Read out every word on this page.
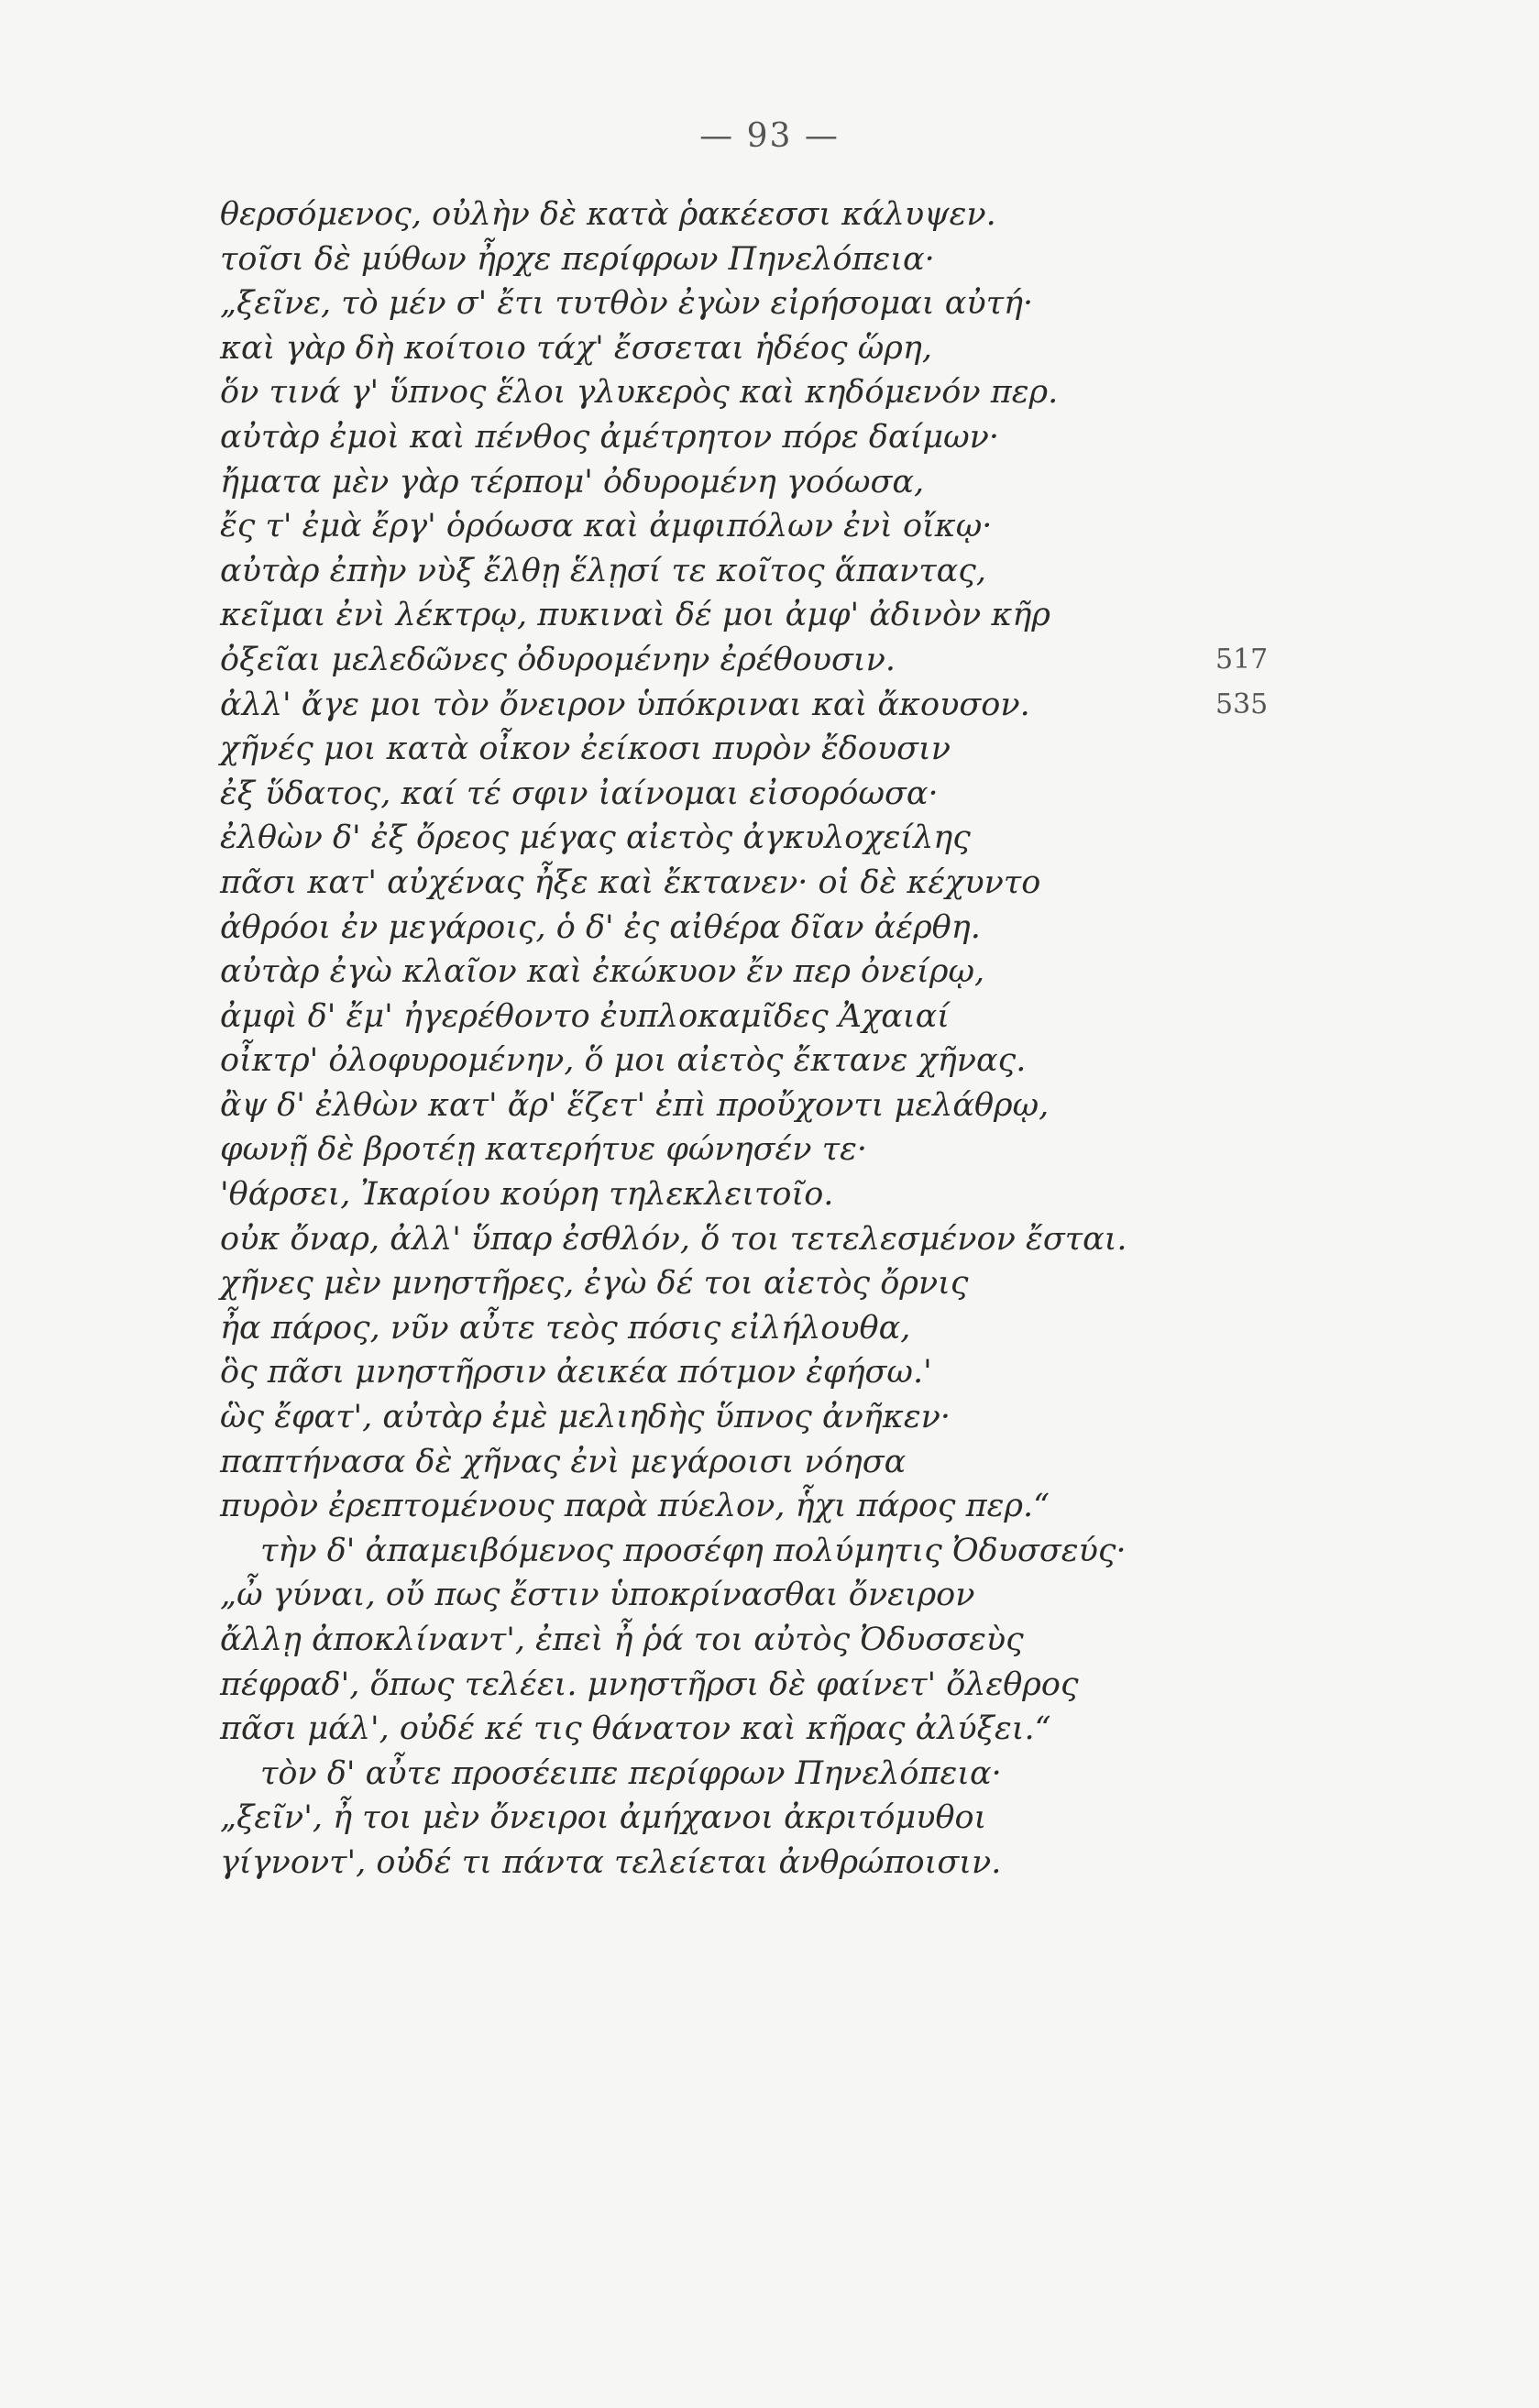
— 93 —
θερσόμενος, οὐλὴν δὲ κατὰ ῥακέεσσι κάλυψεν.
τοῖσι δὲ μύθων ἦρχε περίφρων Πηνελόπεια·
„ξεῖνε, τὸ μέν σ' ἔτι τυτθὸν ἐγὼν εἰρήσομαι αὐτή·
καὶ γὰρ δὴ κοίτοιο τάχ' ἔσσεται ἡδέος ὥρη,
ὅν τινά γ' ὕπνος ἕλοι γλυκερὸς καὶ κηδόμενόν περ.
αὐτὰρ ἐμοὶ καὶ πένθος ἀμέτρητον πόρε δαίμων·
ἤματα μὲν γὰρ τέρπομ' ὀδυρομένη γοόωσα,
ἔς τ' ἐμὰ ἔργ' ὁρόωσα καὶ ἀμφιπόλων ἐνὶ οἴκῳ·
αὐτὰρ ἐπὴν νὺξ ἔλθῃ ἕλῃσί τε κοῖτος ἅπαντας,
κεῖμαι ἐνὶ λέκτρῳ, πυκιναὶ δέ μοι ἀμφ' ἀδινὸν κῆρ
ὀξεῖαι μελεδῶνες ὀδυρομένην ἐρέθουσιν.	517
ἀλλ' ἄγε μοι τὸν ὄνειρον ὑπόκριναι καὶ ἄκουσον.	535
χῆνές μοι κατὰ οἶκον ἐείκοσι πυρὸν ἔδουσιν
ἐξ ὕδατος, καί τέ σφιν ἰαίνομαι εἰσορόωσα·
ἐλθὼν δ' ἐξ ὄρεος μέγας αἰετὸς ἀγκυλοχείλης
πᾶσι κατ' αὐχένας ἦξε καὶ ἔκτανεν· οἱ δὲ κέχυντο
ἀθρόοι ἐν μεγάροις, ὁ δ' ἐς αἰθέρα δῖαν ἀέρθη.
αὐτὰρ ἐγὼ κλαῖον καὶ ἐκώκυον ἔν περ ὀνείρῳ,
ἀμφὶ δ' ἔμ' ἠγερέθοντο ἐυπλοκαμῖδες Ἀχαιαί
οἶκτρ' ὀλοφυρομένην, ὅ μοι αἰετὸς ἔκτανε χῆνας.
ἂψ δ' ἐλθὼν κατ' ἄρ' ἕζετ' ἐπὶ προὔχοντι μελάθρῳ,
φωνῇ δὲ βροτέῃ κατερήτυε φώνησέν τε·
'θάρσει, Ἰκαρίου κούρη τηλεκλειτοῖο.
οὐκ ὄναρ, ἀλλ' ὕπαρ ἐσθλόν, ὅ τοι τετελεσμένον ἔσται.
χῆνες μὲν μνηστῆρες, ἐγὼ δέ τοι αἰετὸς ὄρνις
ἦα πάρος, νῦν αὖτε τεὸς πόσις εἰλήλουθα,
ὃς πᾶσι μνηστῆρσιν ἀεικέα πότμον ἐφήσω.'
ὣς ἔφατ', αὐτὰρ ἐμὲ μελιηδὴς ὕπνος ἀνῆκεν·
παπτήνασα δὲ χῆνας ἐνὶ μεγάροισι νόησα
πυρὸν ἐρεπτομένους παρὰ πύελον, ἧχι πάρος περ.“
τὴν δ' ἀπαμειβόμενος προσέφη πολύμητις Ὀδυσσεύς·
„ὦ γύναι, οὔ πως ἔστιν ὑποκρίνασθαι ὄνειρον
ἄλλῃ ἀποκλίναντ', ἐπεὶ ἦ ῥά τοι αὐτὸς Ὀδυσσεὺς
πέφραδ', ὅπως τελέει. μνηστῆρσι δὲ φαίνετ' ὄλεθρος
πᾶσι μάλ', οὐδέ κέ τις θάνατον καὶ κῆρας ἀλύξει.“
τὸν δ' αὖτε προσέειπε περίφρων Πηνελόπεια·
„ξεῖν', ἦ τοι μὲν ὄνειροι ἀμήχανοι ἀκριτόμυθοι
γίγνοντ', οὐδέ τι πάντα τελείεται ἀνθρώποισιν.
